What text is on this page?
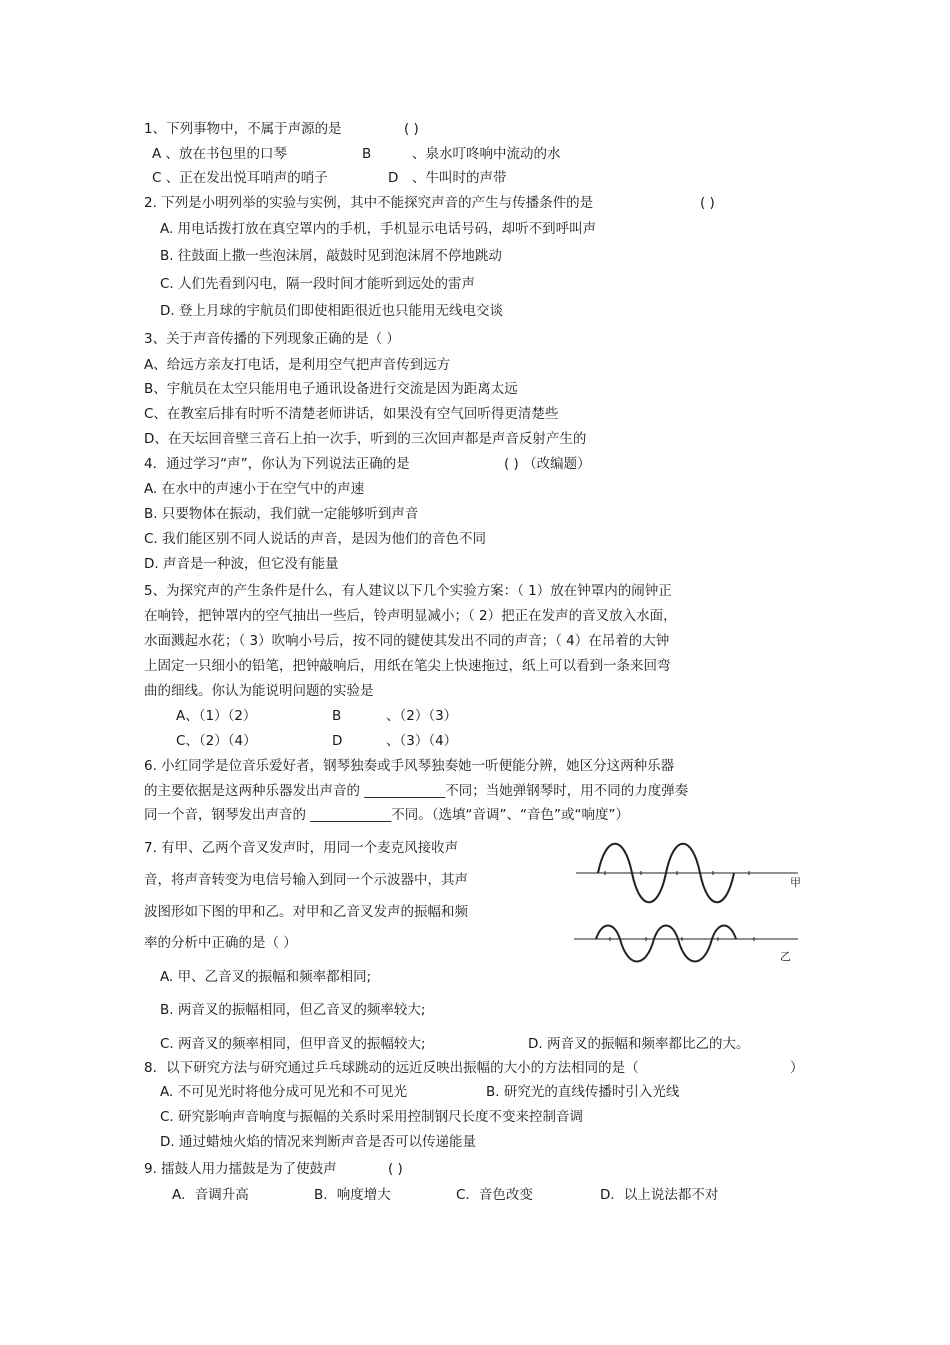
1、下列事物中，不属于声源的是	( )
A 、放在书包里的口琴	B	、泉水叮咚响中流动的水
C 、正在发出悦耳哨声的哨子	D 、牛叫时的声带
2. 下列是小明列举的实验与实例，其中不能探究声音的产生与传播条件的是	( )
A. 用电话拨打放在真空罩内的手机，手机显示电话号码，却听不到呼叫声
B. 往鼓面上撒一些泡沫屑，敲鼓时见到泡沫屑不停地跳动
C. 人们先看到闪电，隔一段时间才能听到远处的雷声
D. 登上月球的宇航员们即使相距很近也只能用无线电交谈
3、关于声音传播的下列现象正确的是（ ）
A、给远方亲友打电话，是利用空气把声音传到远方
B、宇航员在太空只能用电子通讯设备进行交流是因为距离太远
C、在教室后排有时听不清楚老师讲话，如果没有空气回听得更清楚些
D、在天坛回音壁三音石上拍一次手，听到的三次回声都是声音反射产生的
4．通过学习“声”，你认为下列说法正确的是	( ) （改编题）
A. 在水中的声速小于在空气中的声速
B. 只要物体在振动，我们就一定能够听到声音
C. 我们能区别不同人说话的声音，是因为他们的音色不同
D. 声音是一种波，但它没有能量
5、为探究声的产生条件是什么，有人建议以下几个实验方案：（ 1）放在钟罩内的闹钟正
在响铃，把钟罩内的空气抽出一些后，铃声明显减小；（ 2）把正在发声的音叉放入水面，
水面溅起水花；（ 3）吹响小号后，按不同的键使其发出不同的声音；（ 4）在吊着的大钟
上固定一只细小的铅笔，把钟敲响后，用纸在笔尖上快速拖过，纸上可以看到一条来回弯
曲的细线。你认为能说明问题的实验是
A、（1）（2）	B	、（2）（3）
C、（2）（4）	D	、（3）（4）
6. 小红同学是位音乐爱好者，钢琴独奏或手风琴独奏她一听便能分辨，她区分这两种乐器
的主要依据是这两种乐器发出声音的 ____________不同；当她弹钢琴时，用不同的力度弹奏
同一个音，钢琴发出声音的 ____________不同。（选填“音调”、“音色”或“响度”）
7. 有甲、乙两个音叉发声时，用同一个麦克风接收声
音，将声音转变为电信号输入到同一个示波器中，其声
波图形如下图的甲和乙。对甲和乙音叉发声的振幅和频
率的分析中正确的是（ ）
A. 甲、乙音叉的振幅和频率都相同;
B. 两音叉的振幅相同，但乙音叉的频率较大;
C. 两音叉的频率相同，但甲音叉的振幅较大;	D. 两音叉的振幅和频率都比乙的大。
甲
乙
8．以下研究方法与研究通过乒乓球跳动的远近反映出振幅的大小的方法相同的是（	）
A. 不可见光时将他分成可见光和不可见光	B. 研究光的直线传播时引入光线
C. 研究影响声音响度与振幅的关系时采用控制钢尺长度不变来控制音调
D. 通过蜡烛火焰的情况来判断声音是否可以传递能量
9. 擂鼓人用力擂鼓是为了使鼓声	( )
A．音调升高	B．响度增大	C．音色改变	D．以上说法都不对
